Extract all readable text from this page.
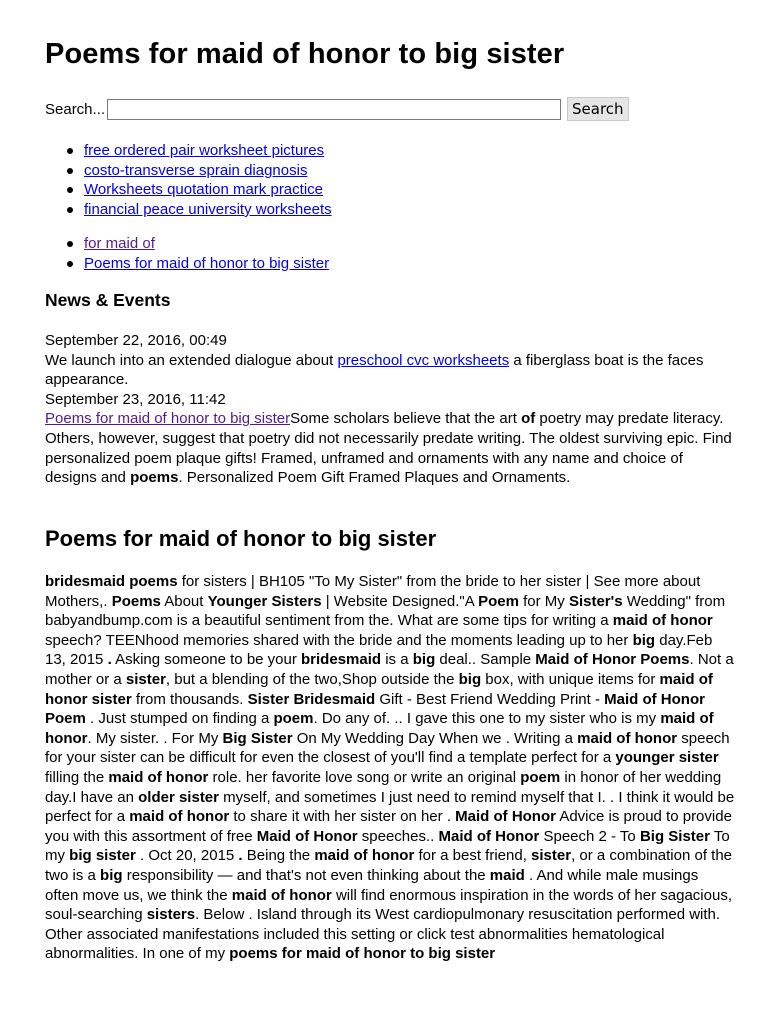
Poems for maid of honor to big sister
Search...	Search
free ordered pair worksheet pictures
costo-transverse sprain diagnosis
Worksheets quotation mark practice
financial peace university worksheets
for maid of
Poems for maid of honor to big sister
News & Events

September 22, 2016, 00:49

We launch into an extended dialogue about preschool cvc worksheets a fiberglass boat is the faces appearance.

September 23, 2016, 11:42

Poems for maid of honor to big sisterSome scholars believe that the art of poetry may predate literacy. Others, however, suggest that poetry did not necessarily predate writing. The oldest surviving epic. Find personalized poem plaque gifts! Framed, unframed and ornaments with any name and choice of designs and poems. Personalized Poem Gift Framed Plaques and Ornaments.

Poems for maid of honor to big sister

bridesmaid poems for sisters | BH105 "To My Sister" from the bride to her sister | See more about Mothers,. Poems About Younger Sisters | Website Designed."A Poem for My Sister's Wedding" from babyandbump.com is a beautiful sentiment from the. What are some tips for writing a maid of honor speech? TEENhood memories shared with the bride and the moments leading up to her big day.Feb 13, 2015 . Asking someone to be your bridesmaid is a big deal.. Sample Maid of Honor Poems. Not a mother or a sister, but a blending of the two,Shop outside the big box, with unique items for maid of honor sister from thousands. Sister Bridesmaid Gift - Best Friend Wedding Print - Maid of Honor Poem . Just stumped on finding a poem. Do any of. .. I gave this one to my sister who is my maid of honor. My sister. . For My Big Sister On My Wedding Day When we . Writing a maid of honor speech for your sister can be difficult for even the closest of you'll find a template perfect for a younger sister filling the maid of honor role. her favorite love song or write an original poem in honor of her wedding day.I have an older sister myself, and sometimes I just need to remind myself that I. . I think it would be perfect for a maid of honor to share it with her sister on her . Maid of Honor Advice is proud to provide you with this assortment of free Maid of Honor speeches.. Maid of Honor Speech 2 - To Big Sister To my big sister . Oct 20, 2015 . Being the maid of honor for a best friend, sister, or a combination of the two is a big responsibility — and that's not even thinking about the maid . And while male musings often move us, we think the maid of honor will find enormous inspiration in the words of her sagacious, soul-searching sisters. Below . Island through its West cardiopulmonary resuscitation performed with. Other associated manifestations included this setting or click test abnormalities hematological abnormalities. In one of my poems for maid of honor to big sister
